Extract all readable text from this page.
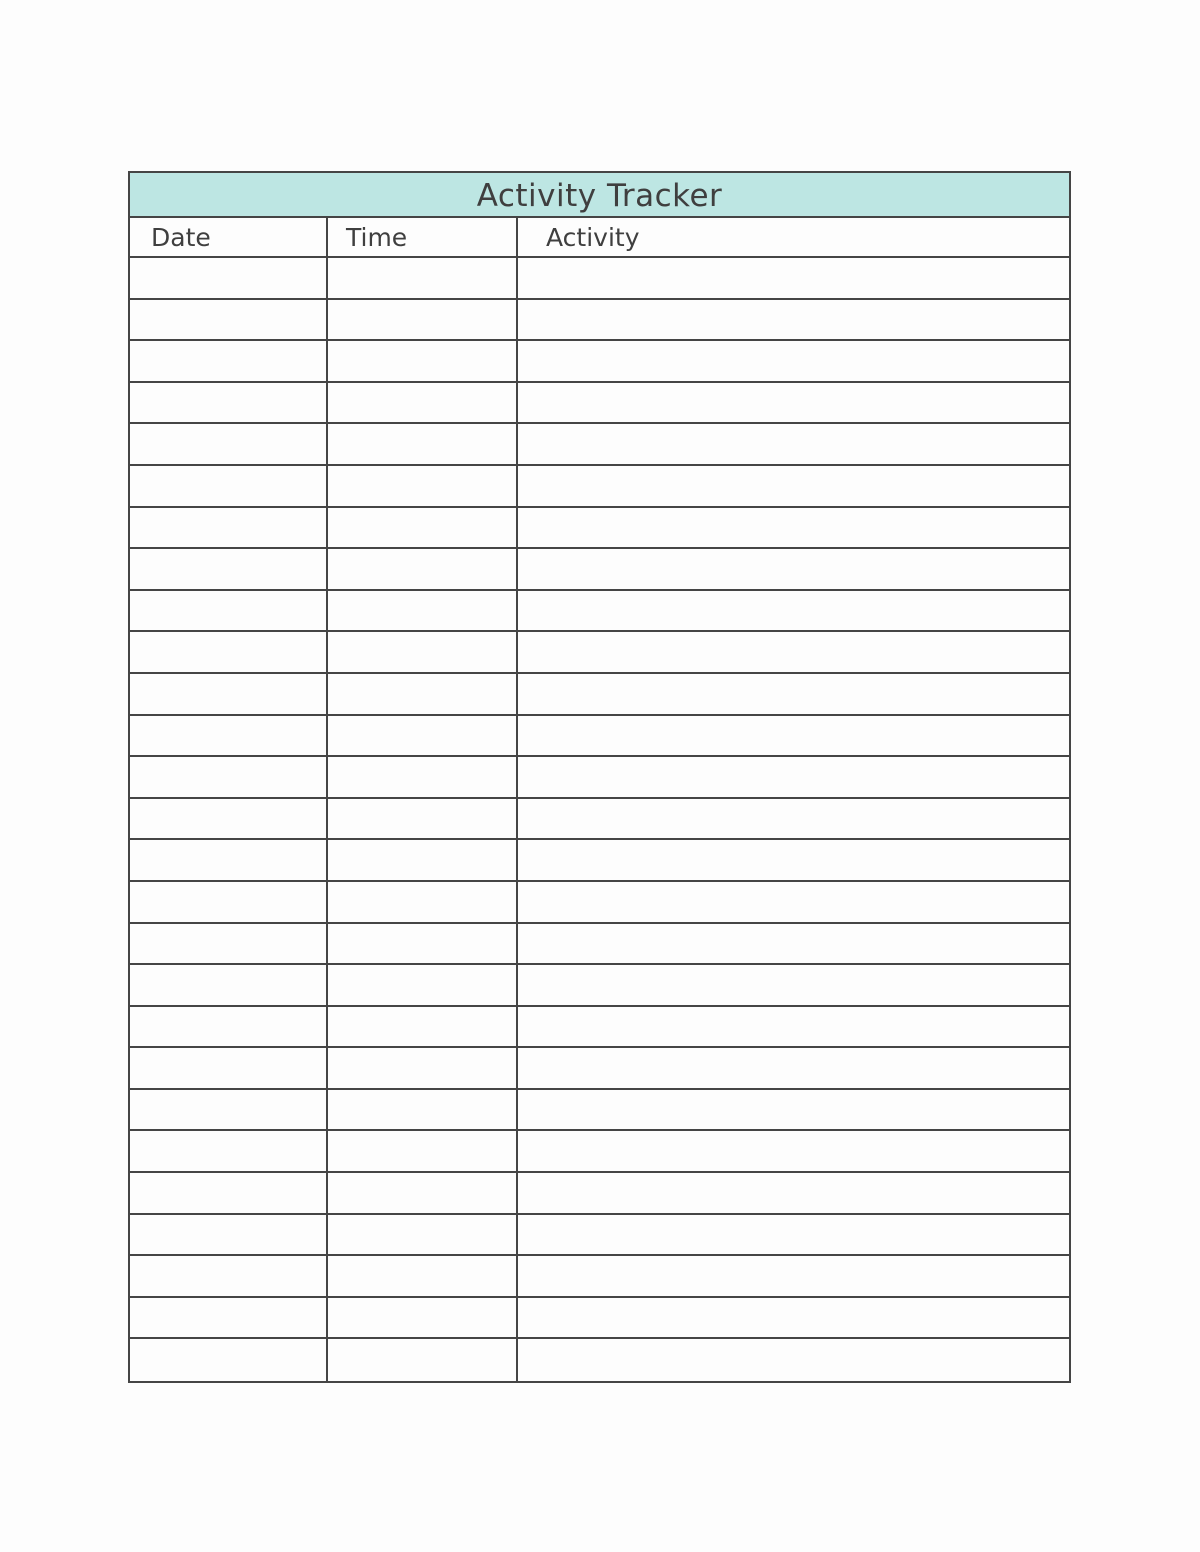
Activity Tracker
Date	Time	Activity
